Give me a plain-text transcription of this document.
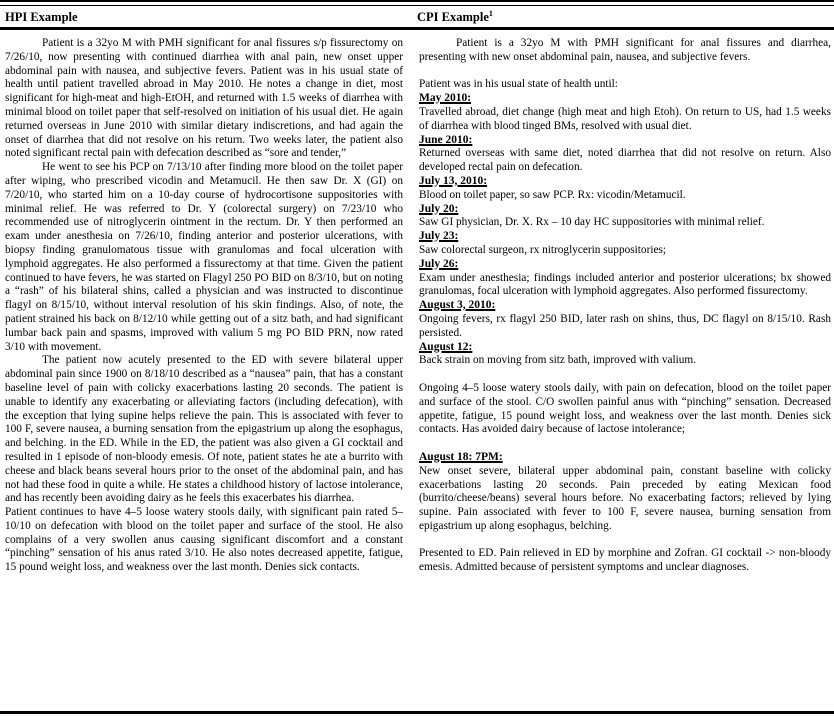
HPI Example	CPI Example$^1$

Patient is a 32yo M with PMH significant for anal fissures s/p fissurectomy on 7/26/10, now presenting with continued diarrhea with anal pain, new onset upper abdominal pain with nausea, and subjective fevers. Patient was in his usual state of health until patient travelled abroad in May 2010. He notes a change in diet, most significant for high-meat and high-EtOH, and returned with 1.5 weeks of diarrhea with minimal blood on toilet paper that self-resolved on initiation of his usual diet. He again returned overseas in June 2010 with similar dietary indiscretions, and had again the onset of diarrhea that did not resolve on his return. Two weeks later, the patient also noted significant rectal pain with defecation described as “sore and tender,”

He went to see his PCP on 7/13/10 after finding more blood on the toilet paper after wiping, who prescribed vicodin and Metamucil. He then saw Dr. X (GI) on 7/20/10, who started him on a 10-day course of hydrocortisone suppositories with minimal relief. He was referred to Dr. Y (colorectal surgery) on 7/23/10 who recommended use of nitroglycerin ointment in the rectum. Dr. Y then performed an exam under anesthesia on 7/26/10, finding anterior and posterior ulcerations, with biopsy finding granulomatous tissue with granulomas and focal ulceration with lymphoid aggregates. He also performed a fissurectomy at that time. Given the patient continued to have fevers, he was started on Flagyl 250 PO BID on 8/3/10, but on noting a “rash” of his bilateral shins, called a physician and was instructed to discontinue flagyl on 8/15/10, without interval resolution of his skin findings. Also, of note, the patient strained his back on 8/12/10 while getting out of a sitz bath, and had significant lumbar back pain and spasms, improved with valium 5 mg PO BID PRN, now rated 3/10 with movement.

The patient now acutely presented to the ED with severe bilateral upper abdominal pain since 1900 on 8/18/10 described as a “nausea” pain, that has a constant baseline level of pain with colicky exacerbations lasting 20 seconds. The patient is unable to identify any exacerbating or alleviating factors (including defecation), with the exception that lying supine helps relieve the pain. This is associated with fever to 100 F, severe nausea, a burning sensation from the epigastrium up along the esophagus, and belching. in the ED. While in the ED, the patient was also given a GI cocktail and resulted in 1 episode of non-bloody emesis. Of note, patient states he ate a burrito with cheese and black beans several hours prior to the onset of the abdominal pain, and has not had these food in quite a while. He states a childhood history of lactose intolerance, and has recently been avoiding dairy as he feels this exacerbates his diarrhea.

Patient continues to have 4–5 loose watery stools daily, with significant pain rated 5–10/10 on defecation with blood on the toilet paper and surface of the stool. He also complains of a very swollen anus causing significant discomfort and a constant “pinching” sensation of his anus rated 3/10. He also notes decreased appetite, fatigue, 15 pound weight loss, and weakness over the last month. Denies sick contacts.

Patient is a 32yo M with PMH significant for anal fissures and diarrhea, presenting with new onset abdominal pain, nausea, and subjective fevers.

Patient was in his usual state of health until:

May 2010:

Travelled abroad, diet change (high meat and high Etoh). On return to US, had 1.5 weeks of diarrhea with blood tinged BMs, resolved with usual diet.

June 2010:

Returned overseas with same diet, noted diarrhea that did not resolve on return. Also developed rectal pain on defecation.

July 13, 2010:

Blood on toilet paper, so saw PCP. Rx: vicodin/Metamucil.

July 20:

Saw GI physician, Dr. X. Rx – 10 day HC suppositories with minimal relief.

July 23:

Saw colorectal surgeon, rx nitroglycerin suppositories;

July 26:

Exam under anesthesia; findings included anterior and posterior ulcerations; bx showed granulomas, focal ulceration with lymphoid aggregates. Also performed fissurectomy.

August 3, 2010:

Ongoing fevers, rx flagyl 250 BID, later rash on shins, thus, DC flagyl on 8/15/10. Rash persisted.

August 12:

Back strain on moving from sitz bath, improved with valium.

Ongoing 4–5 loose watery stools daily, with pain on defecation, blood on the toilet paper and surface of the stool. C/O swollen painful anus with “pinching” sensation. Decreased appetite, fatigue, 15 pound weight loss, and weakness over the last month. Denies sick contacts. Has avoided dairy because of lactose intolerance;

August 18: 7PM:

New onset severe, bilateral upper abdominal pain, constant baseline with colicky exacerbations lasting 20 seconds. Pain preceded by eating Mexican food (burrito/cheese/beans) several hours before. No exacerbating factors; relieved by lying supine. Pain associated with fever to 100 F, severe nausea, burning sensation from epigastrium up along esophagus, belching.

Presented to ED. Pain relieved in ED by morphine and Zofran. GI cocktail -> non-bloody emesis. Admitted because of persistent symptoms and unclear diagnoses.
